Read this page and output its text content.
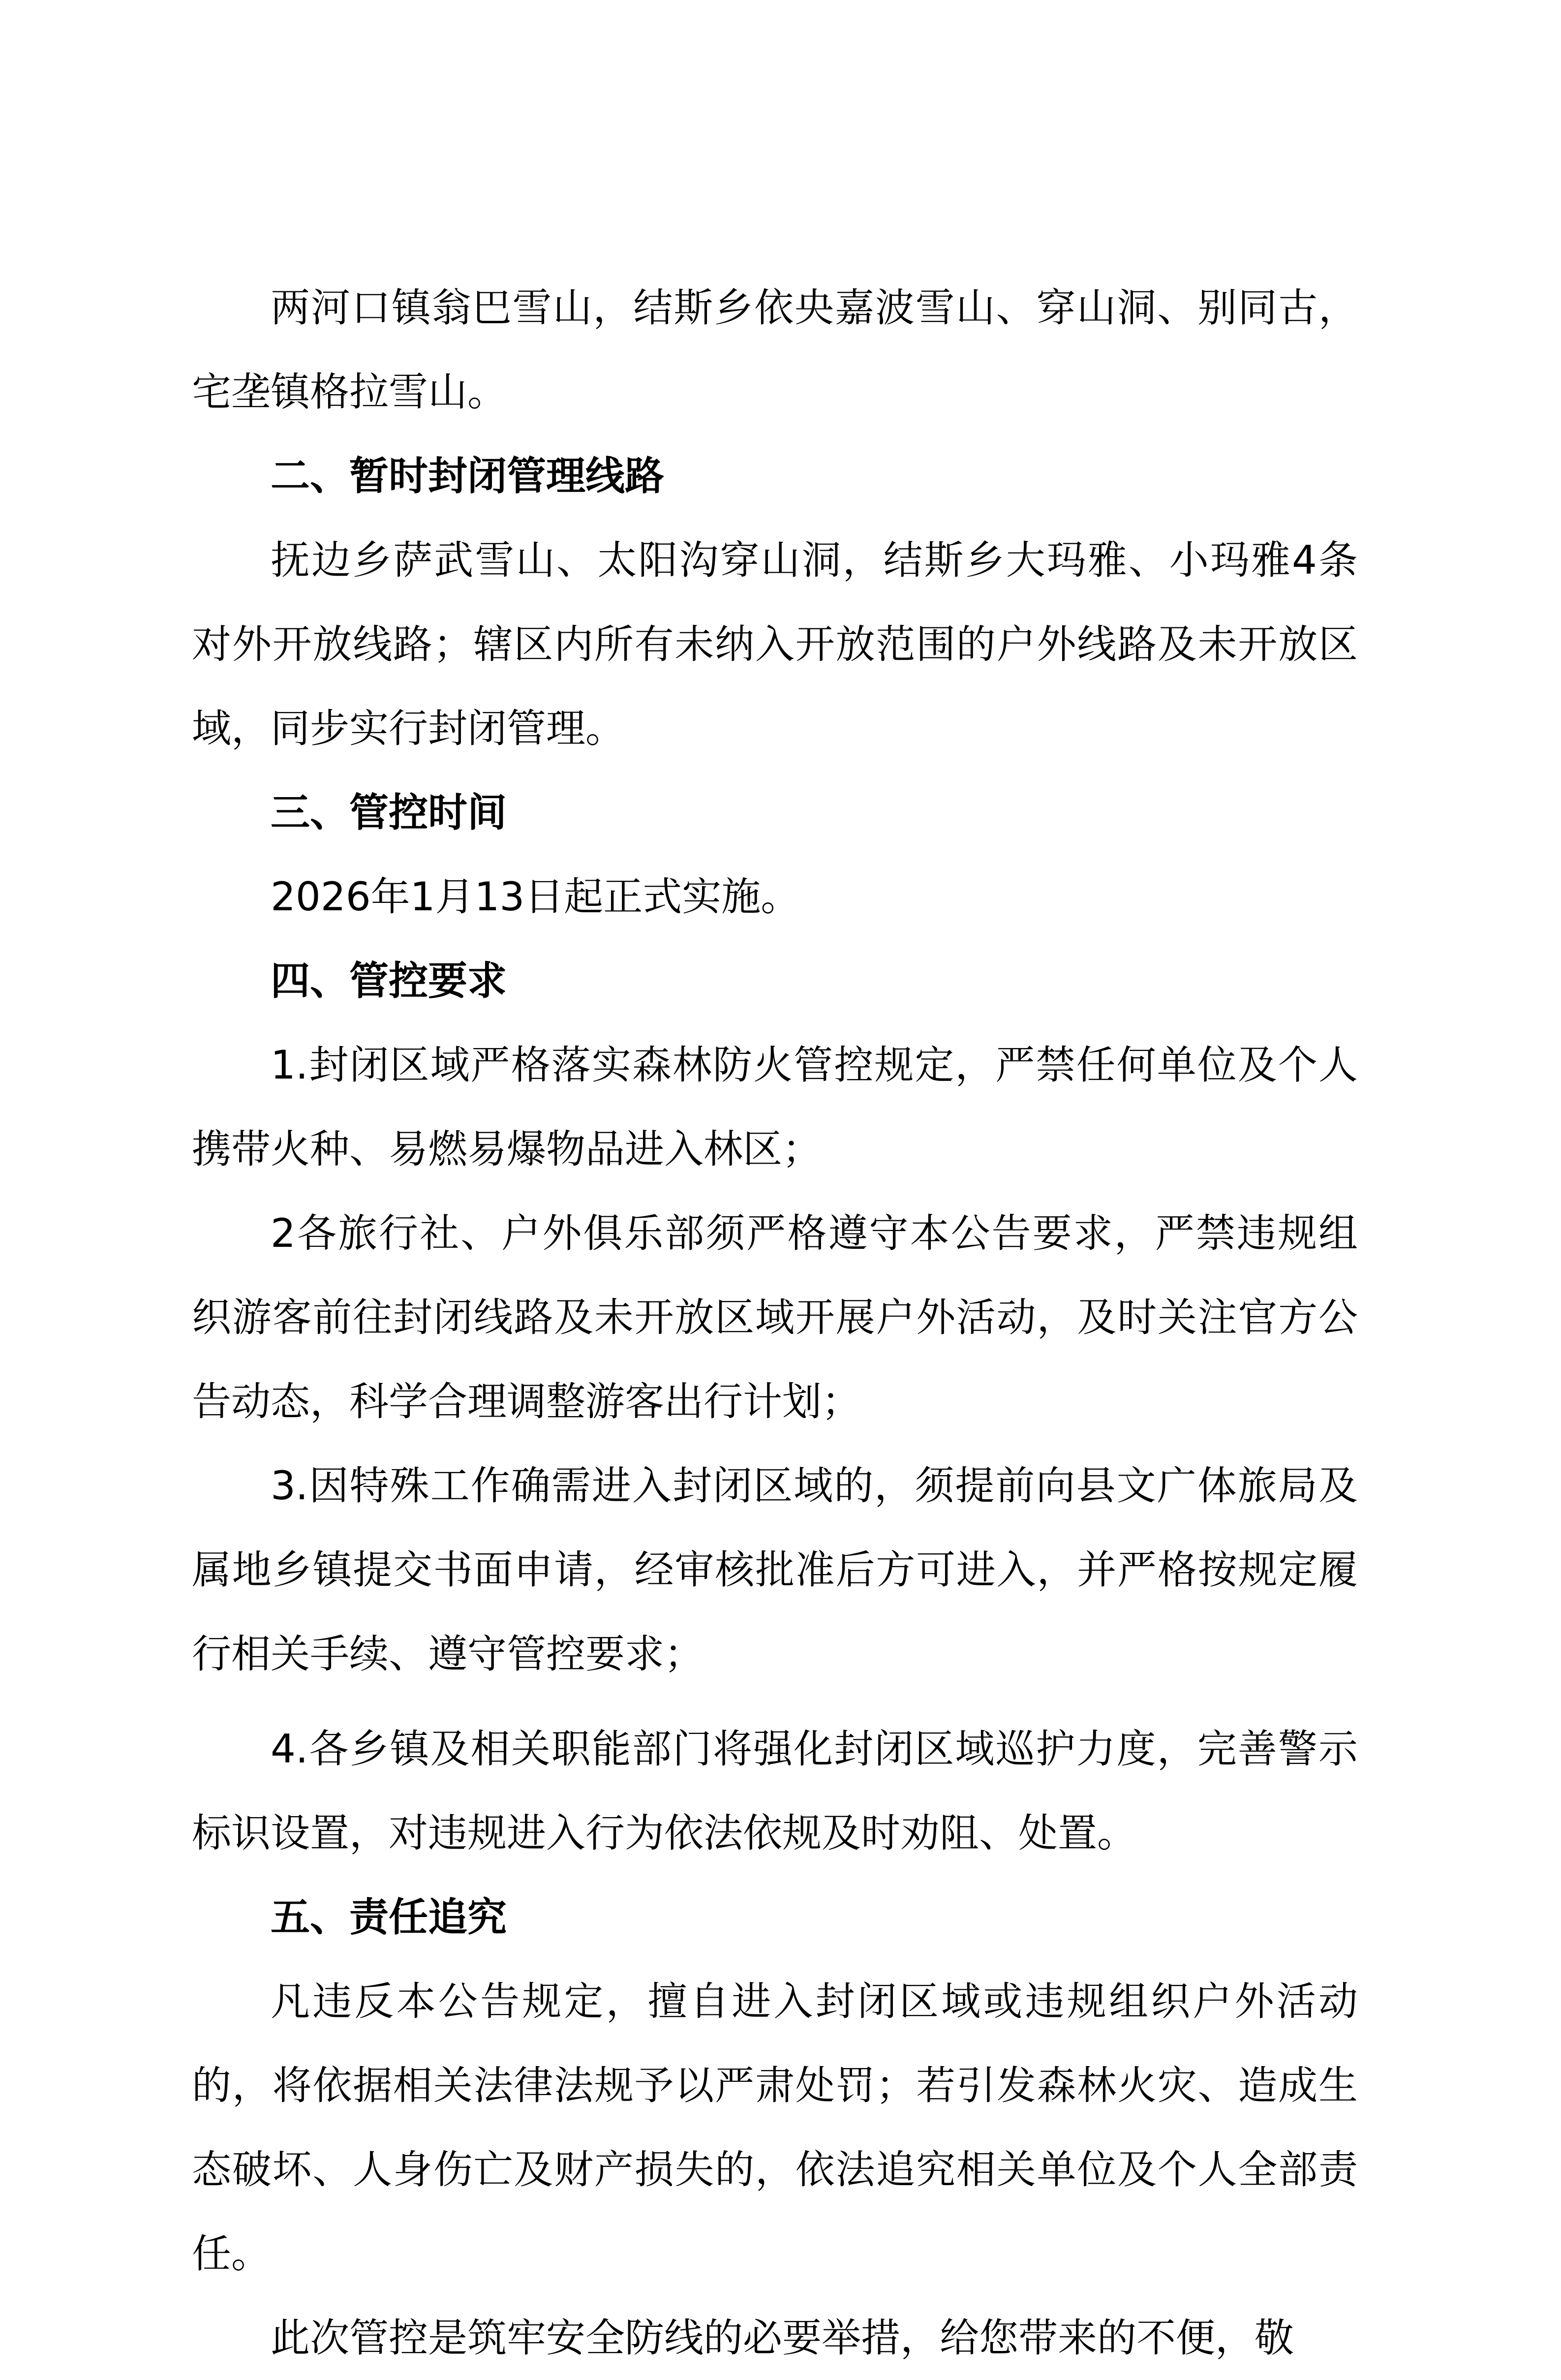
两河口镇翁巴雪山，结斯乡依央嘉波雪山、穿山洞、别同古，宅垄镇格拉雪山。

二、暂时封闭管理线路

抚边乡萨武雪山、太阳沟穿山洞，结斯乡大玛雅、小玛雅4条对外开放线路；辖区内所有未纳入开放范围的户外线路及未开放区域，同步实行封闭管理。

三、管控时间

2026年1月13日起正式实施。

四、管控要求

1.封闭区域严格落实森林防火管控规定，严禁任何单位及个人携带火种、易燃易爆物品进入林区；

2各旅行社、户外俱乐部须严格遵守本公告要求，严禁违规组织游客前往封闭线路及未开放区域开展户外活动，及时关注官方公告动态，科学合理调整游客出行计划；

3.因特殊工作确需进入封闭区域的，须提前向县文广体旅局及属地乡镇提交书面申请，经审核批准后方可进入，并严格按规定履行相关手续、遵守管控要求；

4.各乡镇及相关职能部门将强化封闭区域巡护力度，完善警示标识设置，对违规进入行为依法依规及时劝阻、处置。

五、责任追究

凡违反本公告规定，擅自进入封闭区域或违规组织户外活动的，将依据相关法律法规予以严肃处罚；若引发森林火灾、造成生态破坏、人身伤亡及财产损失的，依法追究相关单位及个人全部责任。

此次管控是筑牢安全防线的必要举措，给您带来的不便，敬
